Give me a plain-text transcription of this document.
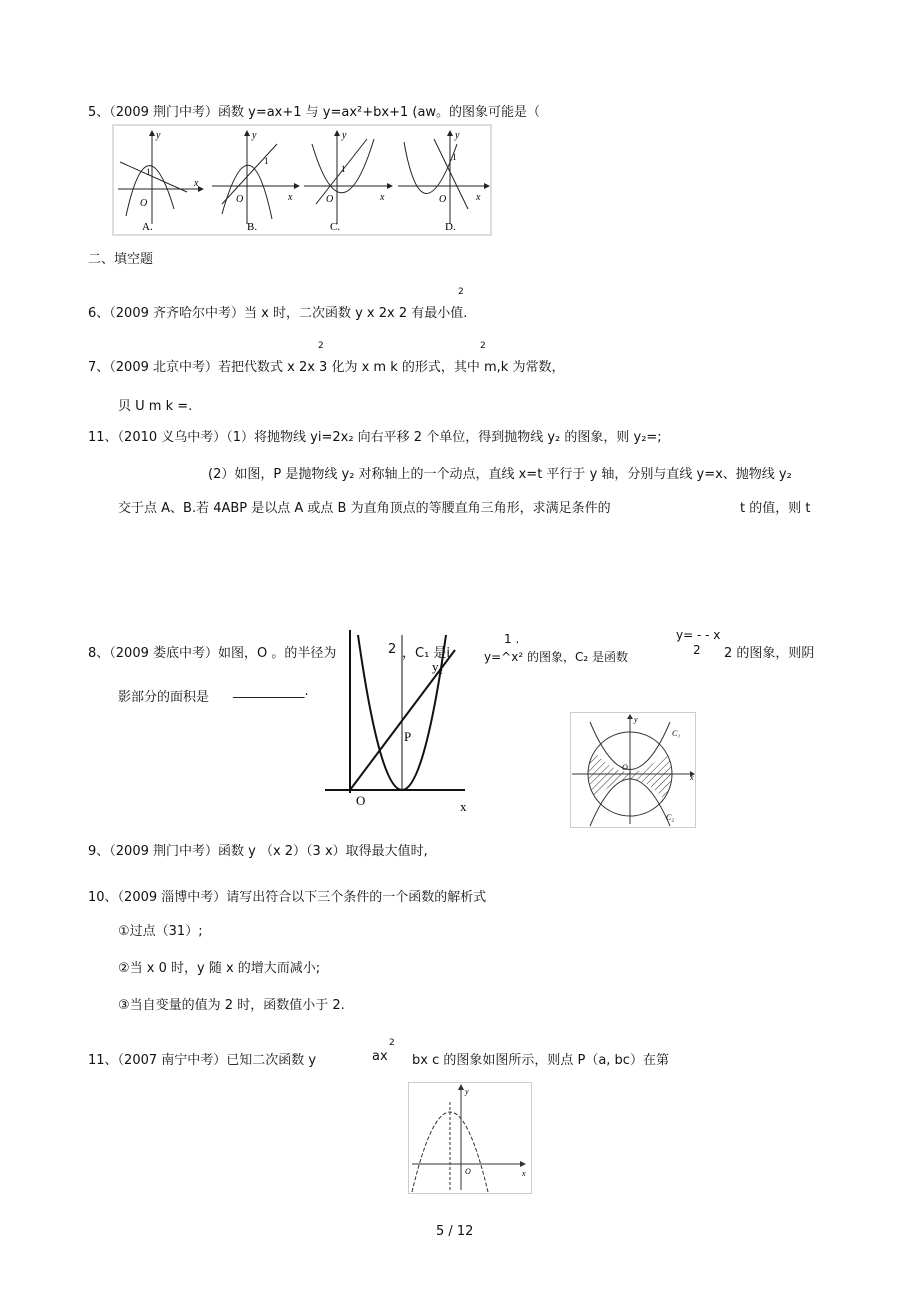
5、（2009 荆门中考）函数 y=ax+1 与 y=ax²+bx+1 (aw。的图象可能是（
O
1
y
x
A.
O
1
y
x
B.
O
1
y
x
C.
O
1
y
x
D.
二、填空题
2
6、（2009 齐齐哈尔中考）当 x 时，二次函数 y x 2x 2 有最小值.
2	2
7、（2009 北京中考）若把代数式 x 2x 3 化为 x m k 的形式，其中 m,k 为常数，
贝 U m k =.
11、（2010 义乌中考）（1）将抛物线 yi=2x₂ 向右平移 2 个单位，得到抛物线 y₂ 的图象，则 y₂=;
(2）如图，P 是抛物线 y₂ 对称轴上的一个动点，直线 x=t 平行于 y 轴，分别与直线 y=x、抛物线 y₂
交于点 A、B.若 4ABP 是以点 A 或点 B 为直角顶点的等腰直角三角形，求满足条件的	t 的值，则 t
8、（2009 娄底中考）如图，O 。的半径为	2 ，C₁ 是i
1 .
y=^x² 的图象，C₂ 是函数
y= - - x
2 2 的图象，则阴
影部分的面积是 ___________.
y₂
P
O	x
y
x
O
C₁
C₂
9、（2009 荆门中考）函数 y （x 2）（3 x）取得最大值时,
10、（2009 淄博中考）请写出符合以下三个条件的一个函数的解析式
①过点（31）;
②当 x 0 时，y 随 x 的增大而减小;
③当自变量的值为 2 时，函数值小于 2.
11、（2007 南宁中考）已知二次函数 y	ax
2
bx c 的图象如图所示，则点 P（a, bc）在第
y
O	x
5 / 12
